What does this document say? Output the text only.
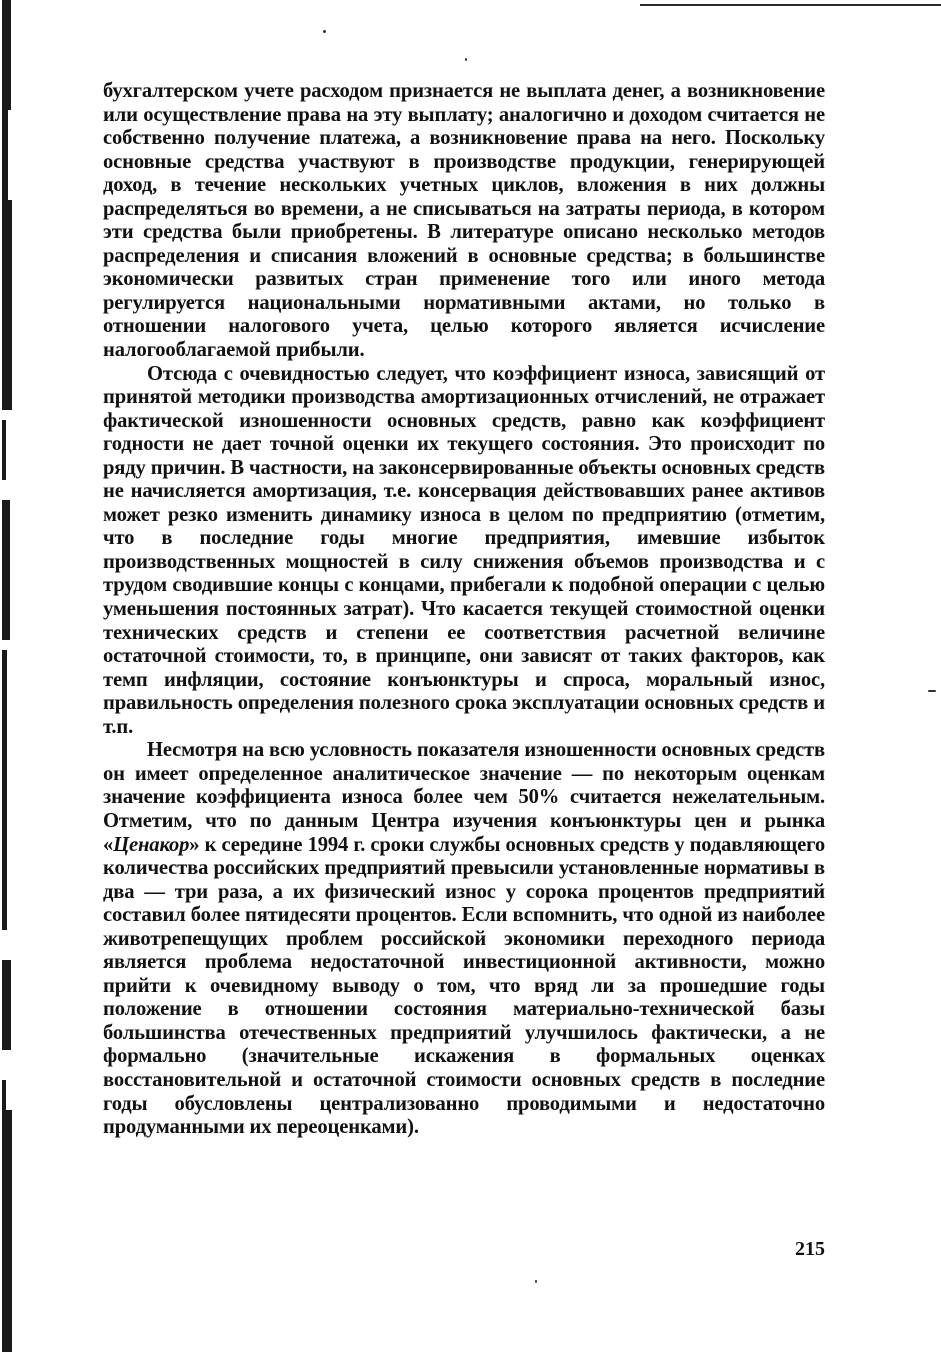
бухгалтерском учете расходом признается не выплата денег, а возникновение или осуществление права на эту выплату; аналогично и доходом считается не собственно получение платежа, а возникновение права на него. Поскольку основные средства участвуют в производстве продукции, генерирующей доход, в течение нескольких учетных циклов, вложения в них должны распределяться во времени, а не списываться на затраты периода, в котором эти средства были приобретены. В литературе описано несколько методов распределения и списания вложений в основные средства; в большинстве экономически развитых стран применение того или иного метода регулируется национальными нормативными актами, но только в отношении налогового учета, целью которого является исчисление налогооблагаемой прибыли.

Отсюда с очевидностью следует, что коэффициент износа, зависящий от принятой методики производства амортизационных отчислений, не отражает фактической изношенности основных средств, равно как коэффициент годности не дает точной оценки их текущего состояния. Это происходит по ряду причин. В частности, на законсервированные объекты основных средств не начисляется амортизация, т.е. консервация действовавших ранее активов может резко изменить динамику износа в целом по предприятию (отметим, что в последние годы многие предприятия, имевшие избыток производственных мощностей в силу снижения объемов производства и с трудом сводившие концы с концами, прибегали к подобной операции с целью уменьшения постоянных затрат). Что касается текущей стоимостной оценки технических средств и степени ее соответствия расчетной величине остаточной стоимости, то, в принципе, они зависят от таких факторов, как темп инфляции, состояние конъюнктуры и спроса, моральный износ, правильность определения полезного срока эксплуатации основных средств и т.п.

Несмотря на всю условность показателя изношенности основных средств он имеет определенное аналитическое значение — по некоторым оценкам значение коэффициента износа более чем 50% считается нежелательным. Отметим, что по данным Центра изучения конъюнктуры цен и рынка «Ценакор» к середине 1994 г. сроки службы основных средств у подавляющего количества российских предприятий превысили установленные нормативы в два — три раза, а их физический износ у сорока процентов предприятий составил более пятидесяти процентов. Если вспомнить, что одной из наиболее животрепещущих проблем российской экономики переходного периода является проблема недостаточной инвестиционной активности, можно прийти к очевидному выводу о том, что вряд ли за прошедшие годы положение в отношении состояния материально-технической базы большинства отечественных предприятий улучшилось фактически, а не формально (значительные искажения в формальных оценках восстановительной и остаточной стоимости основных средств в последние годы обусловлены централизованно проводимыми и недостаточно продуманными их переоценками).

215
